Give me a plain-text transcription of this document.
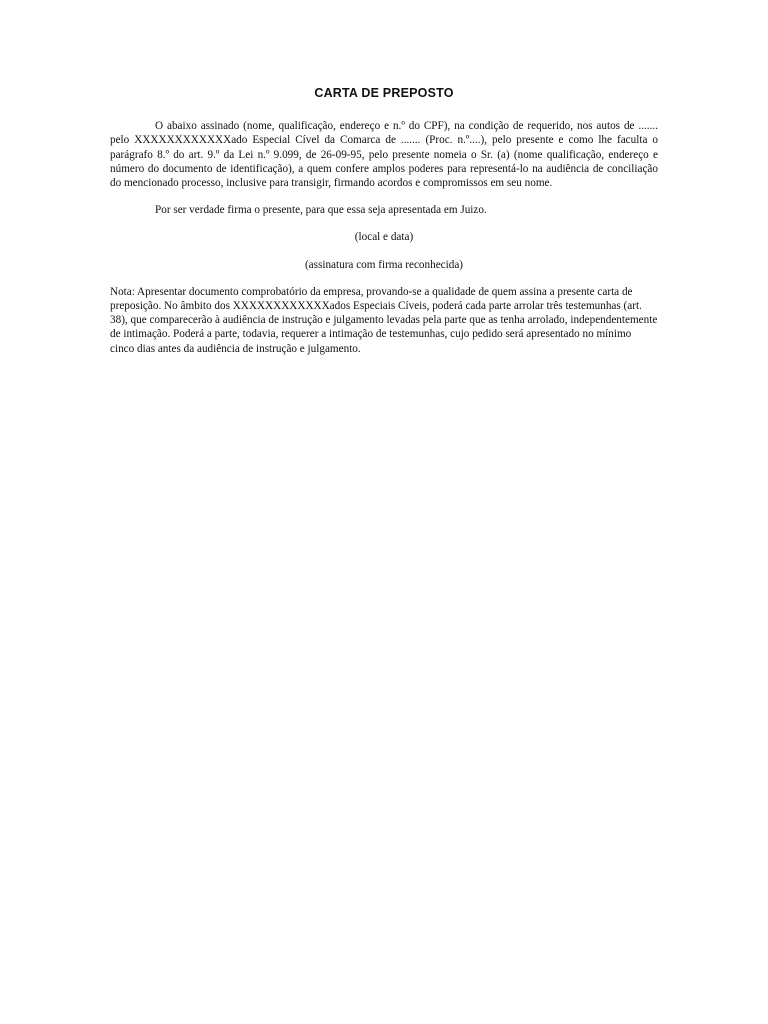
CARTA DE PREPOSTO

O abaixo assinado (nome, qualificação, endereço e n.º do CPF), na condição de requerido, nos autos de ....... pelo XXXXXXXXXXXXado Especial Cível da Comarca de ....... (Proc. n.º....), pelo presente e como lhe faculta o parágrafo 8.º do art. 9.º da Lei n.º 9.099, de 26-09-95, pelo presente nomeia o Sr. (a) (nome qualificação, endereço e número do documento de identificação), a quem confere amplos poderes para representá-lo na audiência de conciliação do mencionado processo, inclusive para transigir, firmando acordos e compromissos em seu nome.

Por ser verdade firma o presente, para que essa seja apresentada em Juizo.

(local e data)

(assinatura com firma reconhecida)

Nota: Apresentar documento comprobatório da empresa, provando-se a qualidade de quem assina a presente carta de preposição. No âmbito dos XXXXXXXXXXXXados Especiais Cíveis, poderá cada parte arrolar três testemunhas (art. 38), que comparecerão à audiência de instrução e julgamento levadas pela parte que as tenha arrolado, independentemente de intimação. Poderá a parte, todavia, requerer a intimação de testemunhas, cujo pedido será apresentado no mínimo cinco dias antes da audiência de instrução e julgamento.
